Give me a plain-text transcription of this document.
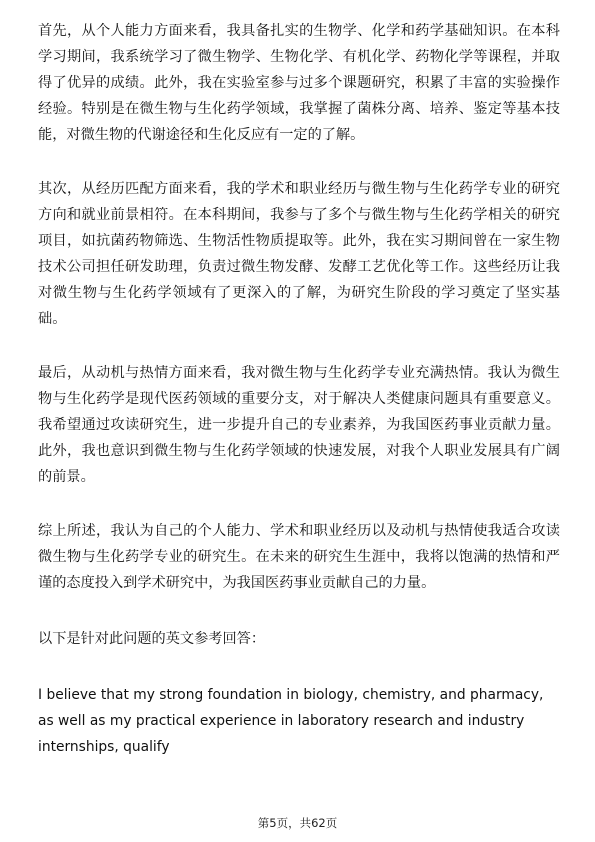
首先，从个人能力方面来看，我具备扎实的生物学、化学和药学基础知识。在本科学习期间，我系统学习了微生物学、生物化学、有机化学、药物化学等课程，并取得了优异的成绩。此外，我在实验室参与过多个课题研究，积累了丰富的实验操作经验。特别是在微生物与生化药学领域，我掌握了菌株分离、培养、鉴定等基本技能，对微生物的代谢途径和生化反应有一定的了解。

其次，从经历匹配方面来看，我的学术和职业经历与微生物与生化药学专业的研究方向和就业前景相符。在本科期间，我参与了多个与微生物与生化药学相关的研究项目，如抗菌药物筛选、生物活性物质提取等。此外，我在实习期间曾在一家生物技术公司担任研发助理，负责过微生物发酵、发酵工艺优化等工作。这些经历让我对微生物与生化药学领域有了更深入的了解，为研究生阶段的学习奠定了坚实基础。

最后，从动机与热情方面来看，我对微生物与生化药学专业充满热情。我认为微生物与生化药学是现代医药领域的重要分支，对于解决人类健康问题具有重要意义。我希望通过攻读研究生，进一步提升自己的专业素养，为我国医药事业贡献力量。此外，我也意识到微生物与生化药学领域的快速发展，对我个人职业发展具有广阔的前景。

综上所述，我认为自己的个人能力、学术和职业经历以及动机与热情使我适合攻读微生物与生化药学专业的研究生。在未来的研究生生涯中，我将以饱满的热情和严谨的态度投入到学术研究中，为我国医药事业贡献自己的力量。

以下是针对此问题的英文参考回答：

I believe that my strong foundation in biology, chemistry, and pharmacy, as well as my practical experience in laboratory research and industry internships, qualify

第5页，共62页
